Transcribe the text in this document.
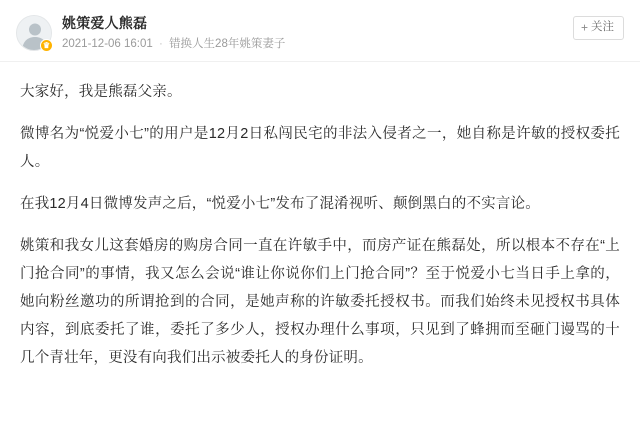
♛
姚策爱人熊磊
2021-12-06 16:01 · 错换人生28年姚策妻子
+ 关注

大家好，我是熊磊父亲。

微博名为“悦爱小七”的用户是12月2日私闯民宅的非法入侵者之一，她自称是许敏的授权委托人。

在我12月4日微博发声之后，“悦爱小七”发布了混淆视听、颠倒黑白的不实言论。

姚策和我女儿这套婚房的购房合同一直在许敏手中，而房产证在熊磊处，所以根本不存在“上门抢合同”的事情，我又怎么会说“谁让你说你们上门抢合同”？至于悦爱小七当日手上拿的，她向粉丝邀功的所谓抢到的合同，是她声称的许敏委托授权书。而我们始终未见授权书具体内容，到底委托了谁，委托了多少人，授权办理什么事项，只见到了蜂拥而至砸门谩骂的十几个青壮年，更没有向我们出示被委托人的身份证明。
